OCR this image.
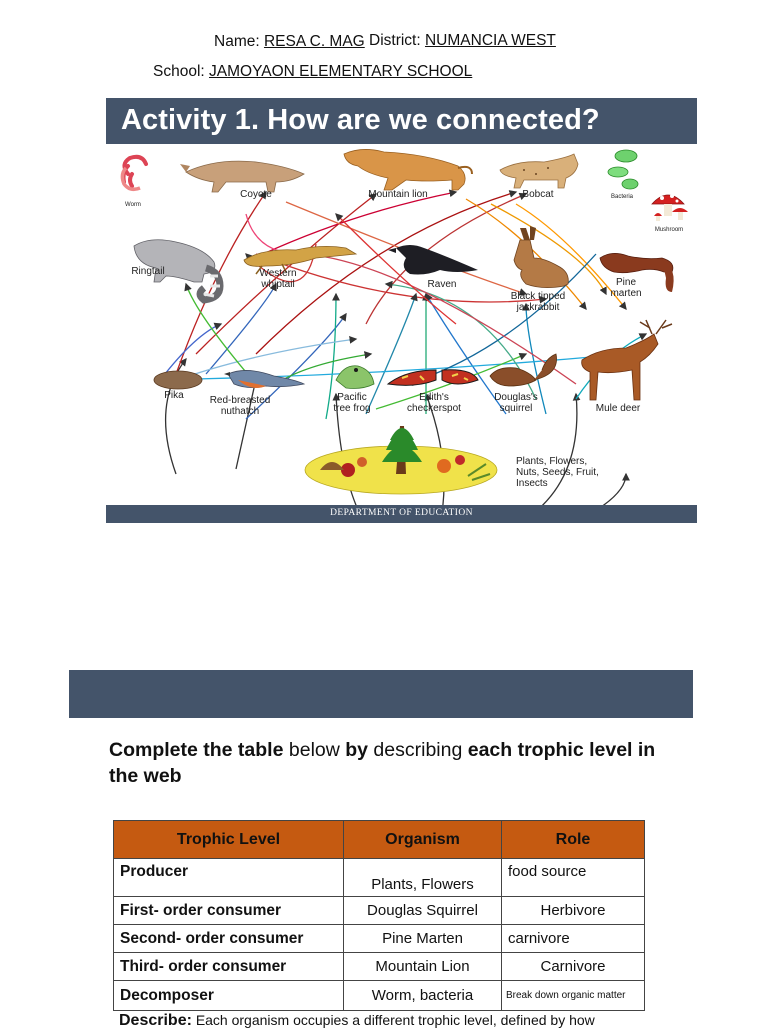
Name: RESA C. MAG District: NUMANCIA WEST
School: JAMOYAON ELEMENTARY SCHOOL
Activity 1. How are we connected?
Worm
Coyote	Mountain lion	Bobcat	Bacteria
Mushroom
Ringtail	Western
whiptail	Raven
Black tipped
jackrabbit
Pine
marten
Pika	Red-breasted
nuthatch
Pacific
tree frog
Edith's
checkerspot
Douglas's
squirrel	Mule deer
Plants, Flowers,
Nuts, Seeds, Fruit,
Insects
DEPARTMENT OF EDUCATION
Complete the table below by describing each trophic level in the web
Trophic Level	Organism	Role
Producer	Plants, Flowers	food source
First- order consumer	Douglas Squirrel	Herbivore
Second- order consumer	Pine Marten	carnivore
Third- order consumer	Mountain Lion	Carnivore
Decomposer	Worm, bacteria	Break down organic matter
Describe: Each organism occupies a different trophic level, defined by how
